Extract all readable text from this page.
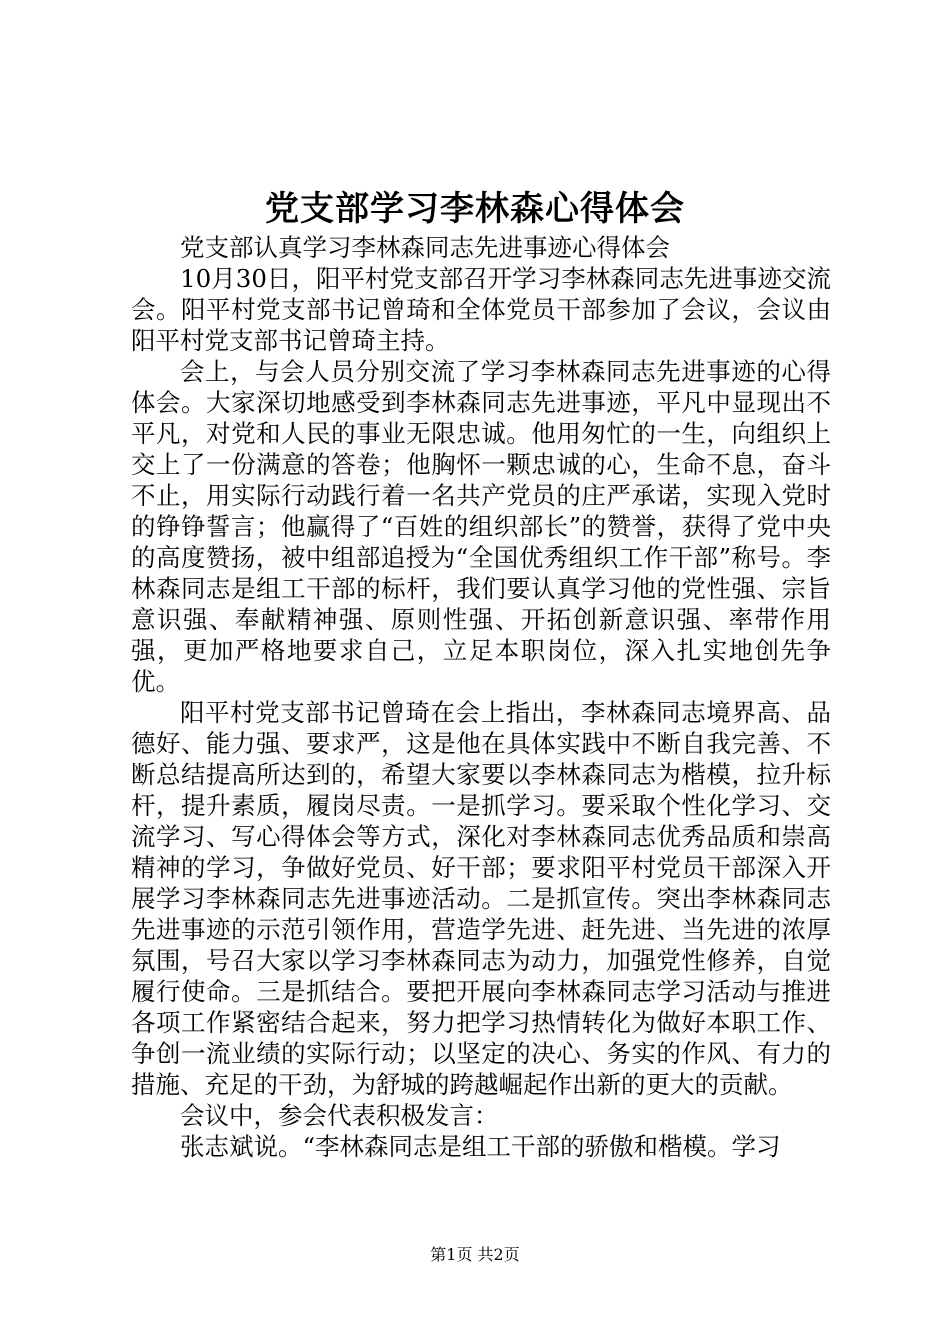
党支部学习李林森心得体会

党支部认真学习李林森同志先进事迹心得体会

10月30日，阳平村党支部召开学习李林森同志先进事迹交流会。阳平村党支部书记曾琦和全体党员干部参加了会议，会议由阳平村党支部书记曾琦主持。

会上，与会人员分别交流了学习李林森同志先进事迹的心得体会。大家深切地感受到李林森同志先进事迹，平凡中显现出不平凡，对党和人民的事业无限忠诚。他用匆忙的一生，向组织上交上了一份满意的答卷；他胸怀一颗忠诚的心，生命不息，奋斗不止，用实际行动践行着一名共产党员的庄严承诺，实现入党时的铮铮誓言；他赢得了“百姓的组织部长”的赞誉，获得了党中央的高度赞扬，被中组部追授为“全国优秀组织工作干部”称号。李林森同志是组工干部的标杆，我们要认真学习他的党性强、宗旨意识强、奉献精神强、原则性强、开拓创新意识强、率带作用强，更加严格地要求自己，立足本职岗位，深入扎实地创先争优。

阳平村党支部书记曾琦在会上指出，李林森同志境界高、品德好、能力强、要求严，这是他在具体实践中不断自我完善、不断总结提高所达到的，希望大家要以李林森同志为楷模，拉升标杆，提升素质，履岗尽责。一是抓学习。要采取个性化学习、交流学习、写心得体会等方式，深化对李林森同志优秀品质和崇高精神的学习，争做好党员、好干部；要求阳平村党员干部深入开展学习李林森同志先进事迹活动。二是抓宣传。突出李林森同志先进事迹的示范引领作用，营造学先进、赶先进、当先进的浓厚氛围，号召大家以学习李林森同志为动力，加强党性修养，自觉履行使命。三是抓结合。要把开展向李林森同志学习活动与推进各项工作紧密结合起来，努力把学习热情转化为做好本职工作、争创一流业绩的实际行动；以坚定的决心、务实的作风、有力的措施、充足的干劲，为舒城的跨越崛起作出新的更大的贡献。

会议中，参会代表积极发言：

张志斌说。“李林森同志是组工干部的骄傲和楷模。学习

第1页 共2页
